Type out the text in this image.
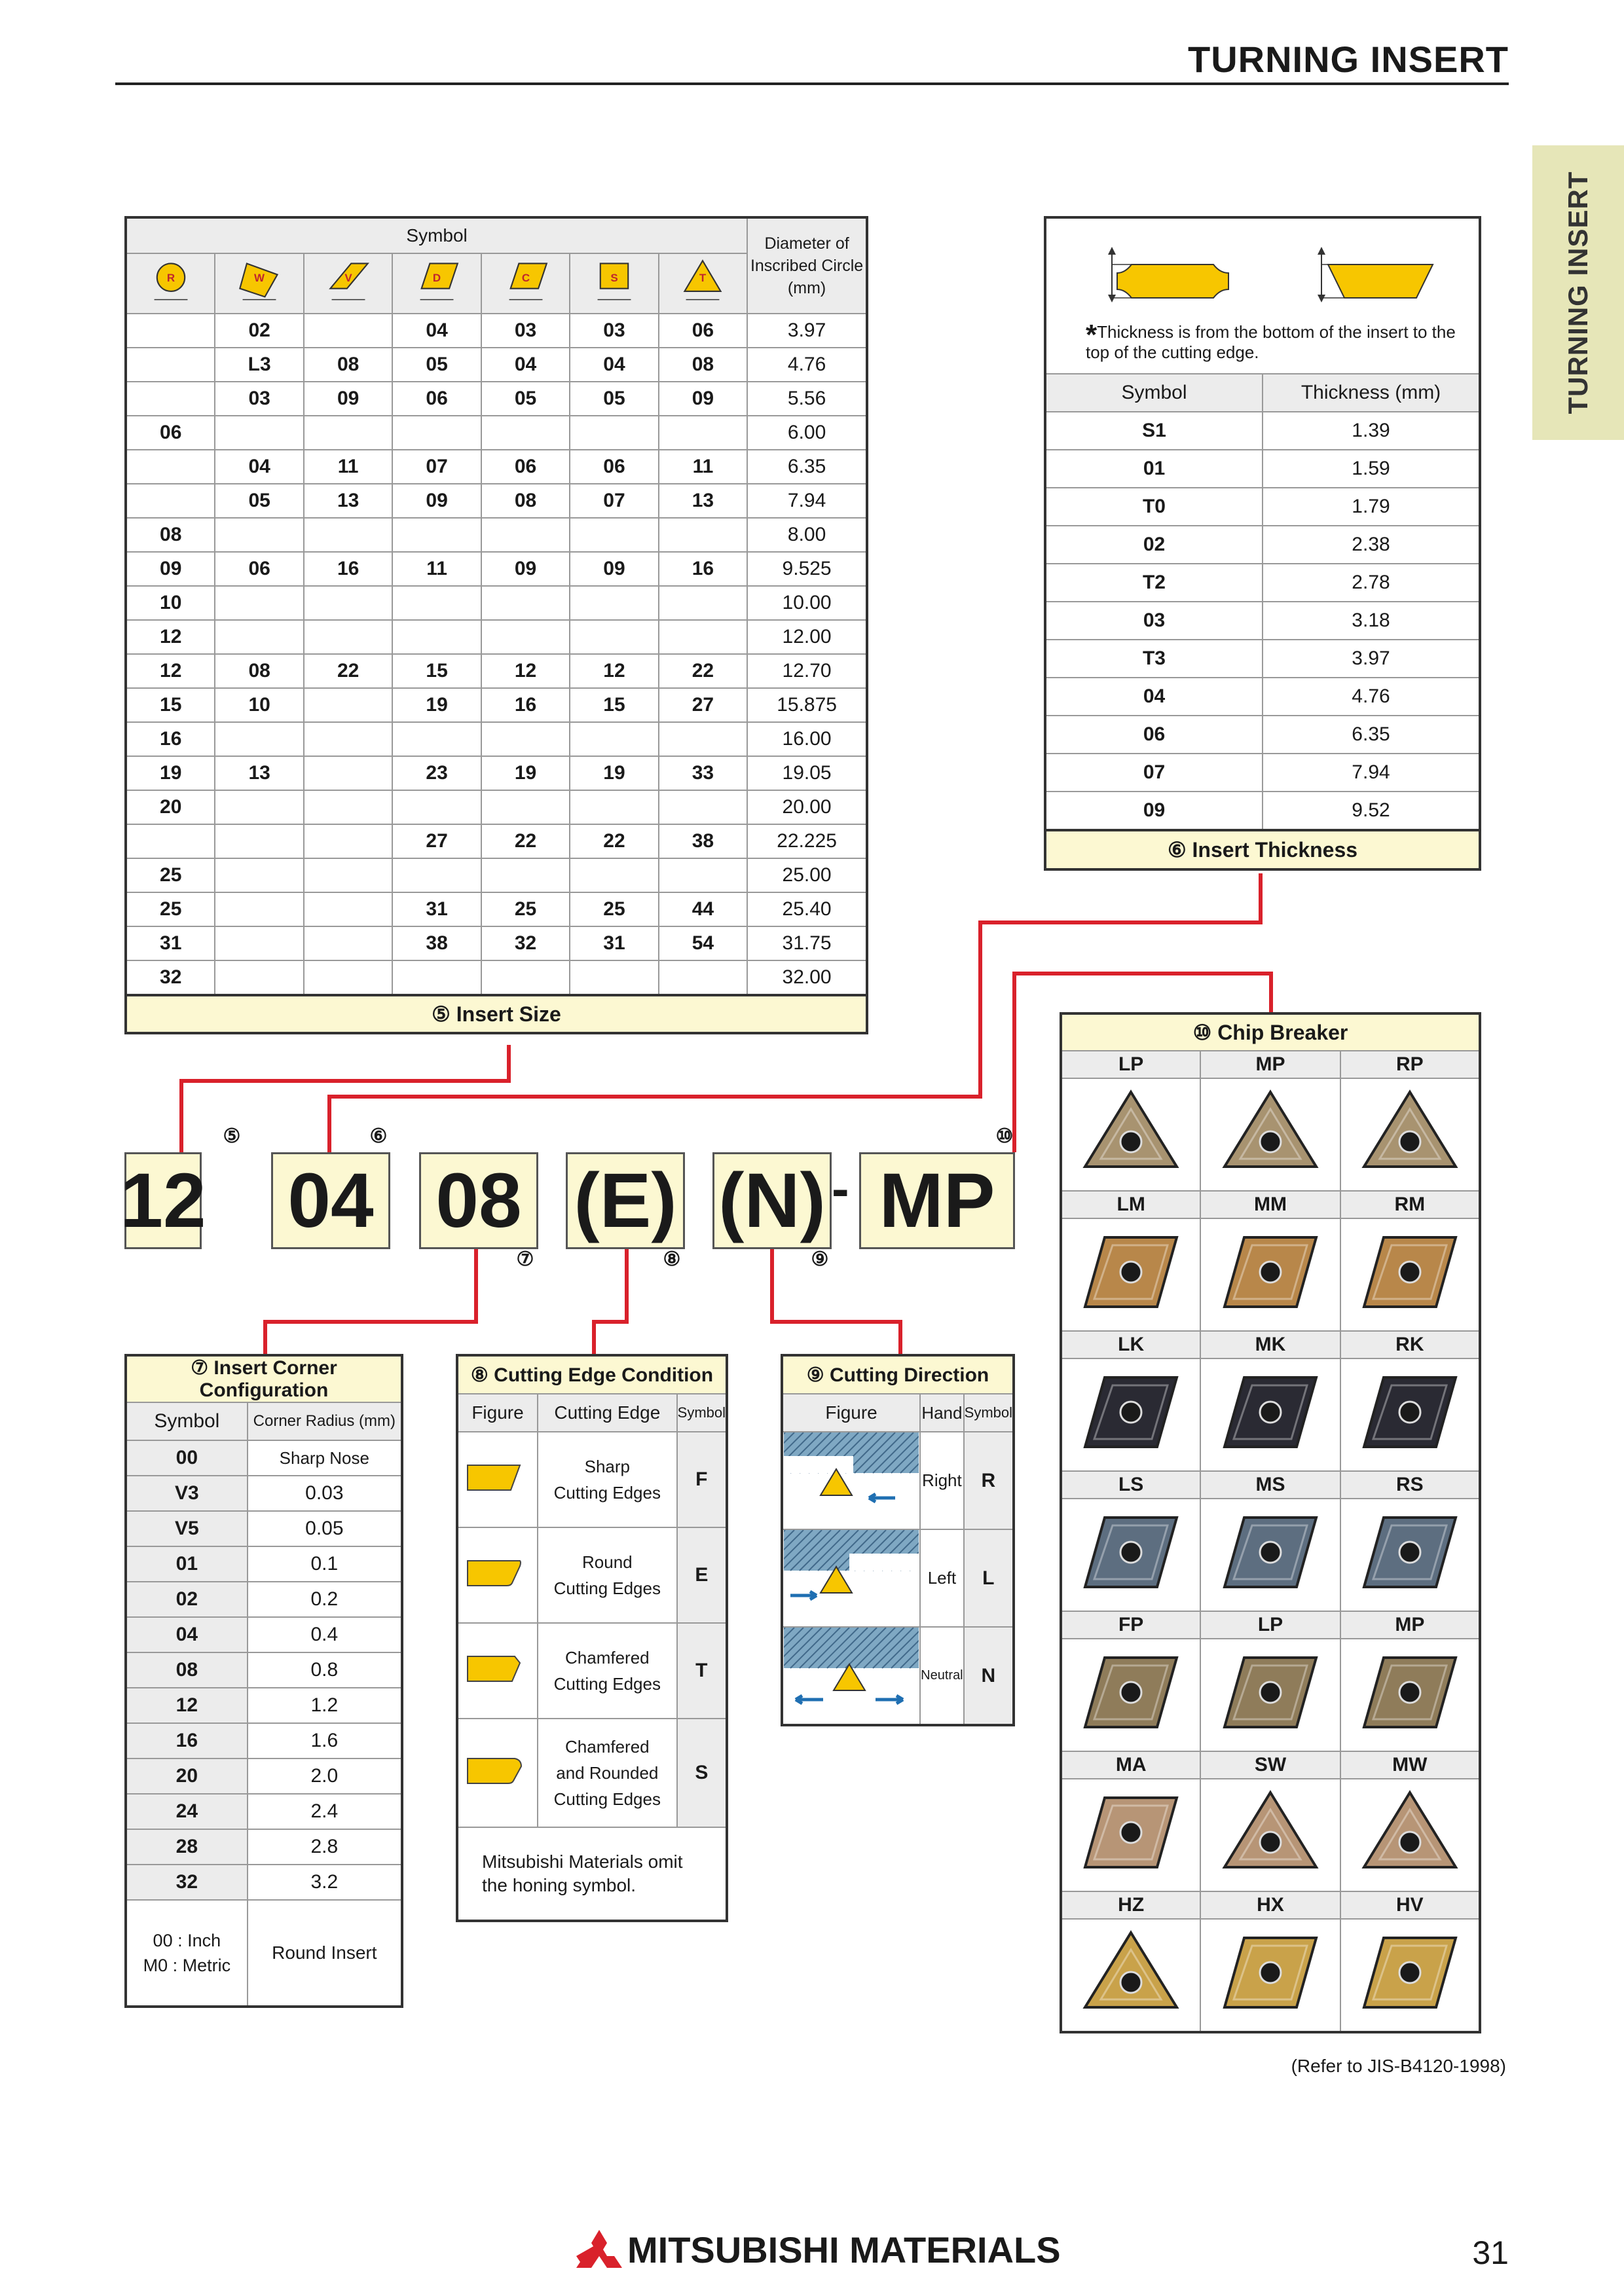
TURNING INSERT
TURNING INSERT
Symbol							Diameter of Inscribed Circle (mm)

R	W	V	D	C	S	T	

	02		04	03	03	06	3.97
	L3	08	05	04	04	08	4.76
	03	09	06	05	05	09	5.56
06							6.00
	04	11	07	06	06	11	6.35
	05	13	09	08	07	13	7.94
08							8.00
09	06	16	11	09	09	16	9.525
10							10.00
12							12.00
12	08	22	15	12	12	22	12.70
15	10		19	16	15	27	15.875
16							16.00
19	13		23	19	19	33	19.05
20							20.00
			27	22	22	38	22.225
25							25.00
25			31	25	25	44	25.40
31			38	32	31	54	31.75
32							32.00
⑤ Insert Size							
*Thickness is from the bottom of the insert to the top of the cutting edge.	

Symbol	Thickness (mm)
S1	1.39
01	1.59
T0	1.79
02	2.38
T2	2.78
03	3.18
T3	3.97
04	4.76
06	6.35
07	7.94
09	9.52
⑥ Insert Thickness	
12 04 08 (E) (N) - MP
⑤	⑥	⑩
⑦	⑧	⑨
⑦ Insert Corner Configuration	
Symbol	Corner Radius (mm)
00	Sharp Nose
V3	0.03
V5	0.05
01	0.1
02	0.2
04	0.4
08	0.8
12	1.2
16	1.6
20	2.0
24	2.4
28	2.8
32	3.2
00 : Inch
M0 : Metric	Round Insert
⑧ Cutting Edge Condition		
Figure	Cutting Edge	Symbol
	Sharp
Cutting Edges	F
	Round
Cutting Edges	E
	Chamfered
Cutting Edges	T
	Chamfered
and Rounded
Cutting Edges	S
Mitsubishi Materials omit the honing symbol.		
⑨ Cutting Direction		
Figure	Hand	Symbol
	Right	R
	Left	L
	Neutral	N
⑩ Chip Breaker		
LP	MP	RP

LM	MM	RM

LK	MK	RK

LS	MS	RS

FP	LP	MP

MA	SW	MW

HZ	HX	HV

(Refer to JIS-B4120-1998)
MITSUBISHI MATERIALS	31
